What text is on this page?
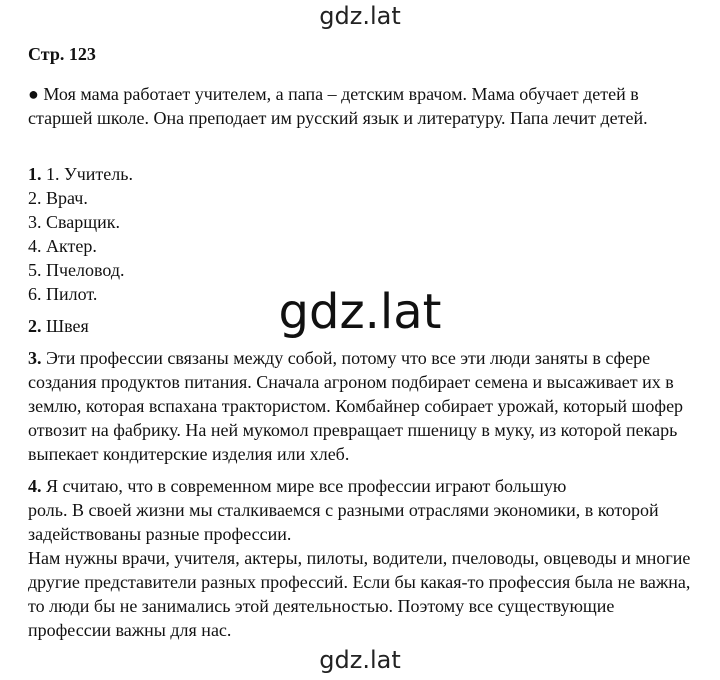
gdz.lat
gdz.lat
gdz.lat

Стр. 123

● Моя мама работает учителем, а папа – детским врачом. Мама обучает детей в
старшей школе. Она преподает им русский язык и литературу. Папа лечит детей.
1. 1. Учитель.
2. Врач.
3. Сварщик.
4. Актер.
5. Пчеловод.
6. Пилот.
2. Швея
3. Эти профессии связаны между собой, потому что все эти люди заняты в сфере
создания продуктов питания. Сначала агроном подбирает семена и высаживает их в
землю, которая вспахана трактористом. Комбайнер собирает урожай, который шофер
отвозит на фабрику. На ней мукомол превращает пшеницу в муку, из которой пекарь
выпекает кондитерские изделия или хлеб.
4. Я считаю, что в современном мире все профессии играют большую
роль. В своей жизни мы сталкиваемся с разными отраслями экономики, в которой
задействованы разные профессии.
Нам нужны врачи, учителя, актеры, пилоты, водители, пчеловоды, овцеводы и многие
другие представители разных профессий. Если бы какая-то профессия была не важна,
то люди бы не занимались этой деятельностью. Поэтому все существующие
профессии важны для нас.
